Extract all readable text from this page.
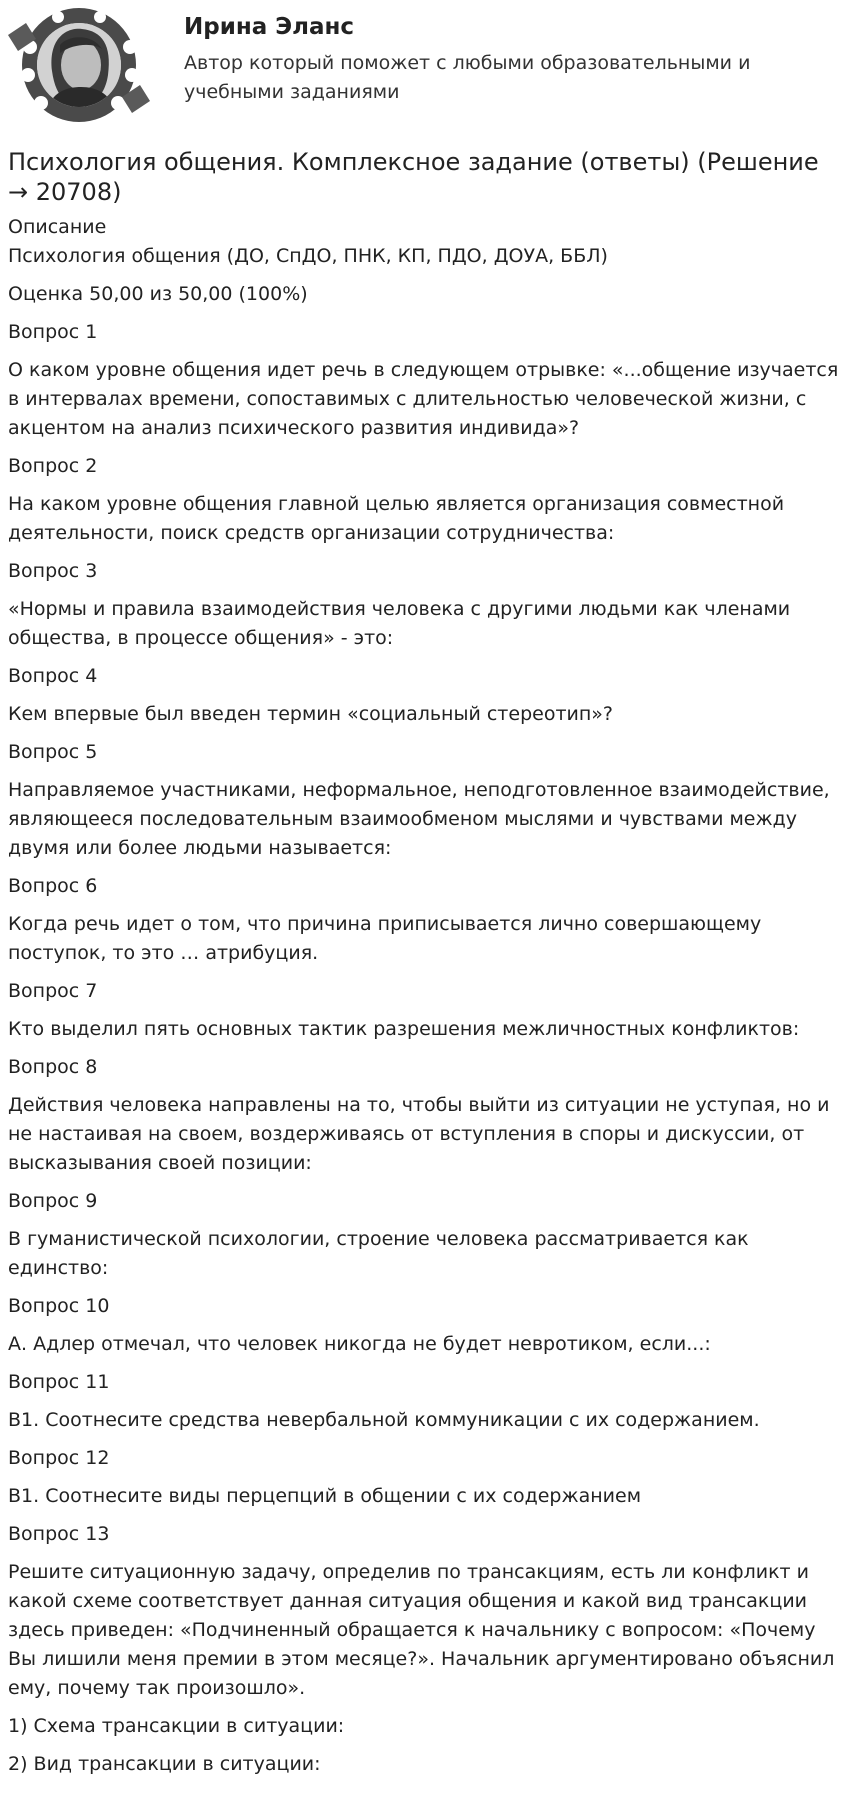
Ирина Эланс
Автор который поможет с любыми образовательными и учебными заданиями
Психология общения. Комплексное задание (ответы) (Решение → 20708)

Описание

Психология общения (ДО, СпДО, ПНК, КП, ПДО, ДОУА, ББЛ)

Оценка 50,00 из 50,00 (100%)

Вопрос 1

О каком уровне общения идет речь в следующем отрывке: «...общение изучается в интервалах времени, сопоставимых с длительностью человеческой жизни, с акцентом на анализ психического развития индивида»?

Вопрос 2

На каком уровне общения главной целью является организация совместной деятельности, поиск средств организации сотрудничества:

Вопрос 3

«Нормы и правила взаимодействия человека с другими людьми как членами общества, в процессе общения» - это:

Вопрос 4

Кем впервые был введен термин «социальный стереотип»?

Вопрос 5

Направляемое участниками, неформальное, неподготовленное взаимодействие, являющееся последовательным взаимообменом мыслями и чувствами между двумя или более людьми называется:

Вопрос 6

Когда речь идет о том, что причина приписывается лично совершающему поступок, то это … атрибуция.

Вопрос 7

Кто выделил пять основных тактик разрешения межличностных конфликтов:

Вопрос 8

Действия человека направлены на то, чтобы выйти из ситуации не уступая, но и не настаивая на своем, воздерживаясь от вступления в споры и дискуссии, от высказывания своей позиции:

Вопрос 9

В гуманистической психологии, строение человека рассматривается как единство:

Вопрос 10

А. Адлер отмечал, что человек никогда не будет невротиком, если...:

Вопрос 11

В1. Соотнесите средства невербальной коммуникации с их содержанием.

Вопрос 12

В1. Соотнесите виды перцепций в общении с их содержанием

Вопрос 13

Решите ситуационную задачу, определив по трансакциям, есть ли конфликт и какой схеме соответствует данная ситуация общения и какой вид трансакции здесь приведен: «Подчиненный обращается к начальнику с вопросом: «Почему Вы лишили меня премии в этом месяце?». Начальник аргументировано объяснил ему, почему так произошло».

1) Схема трансакции в ситуации:

2) Вид трансакции в ситуации:
